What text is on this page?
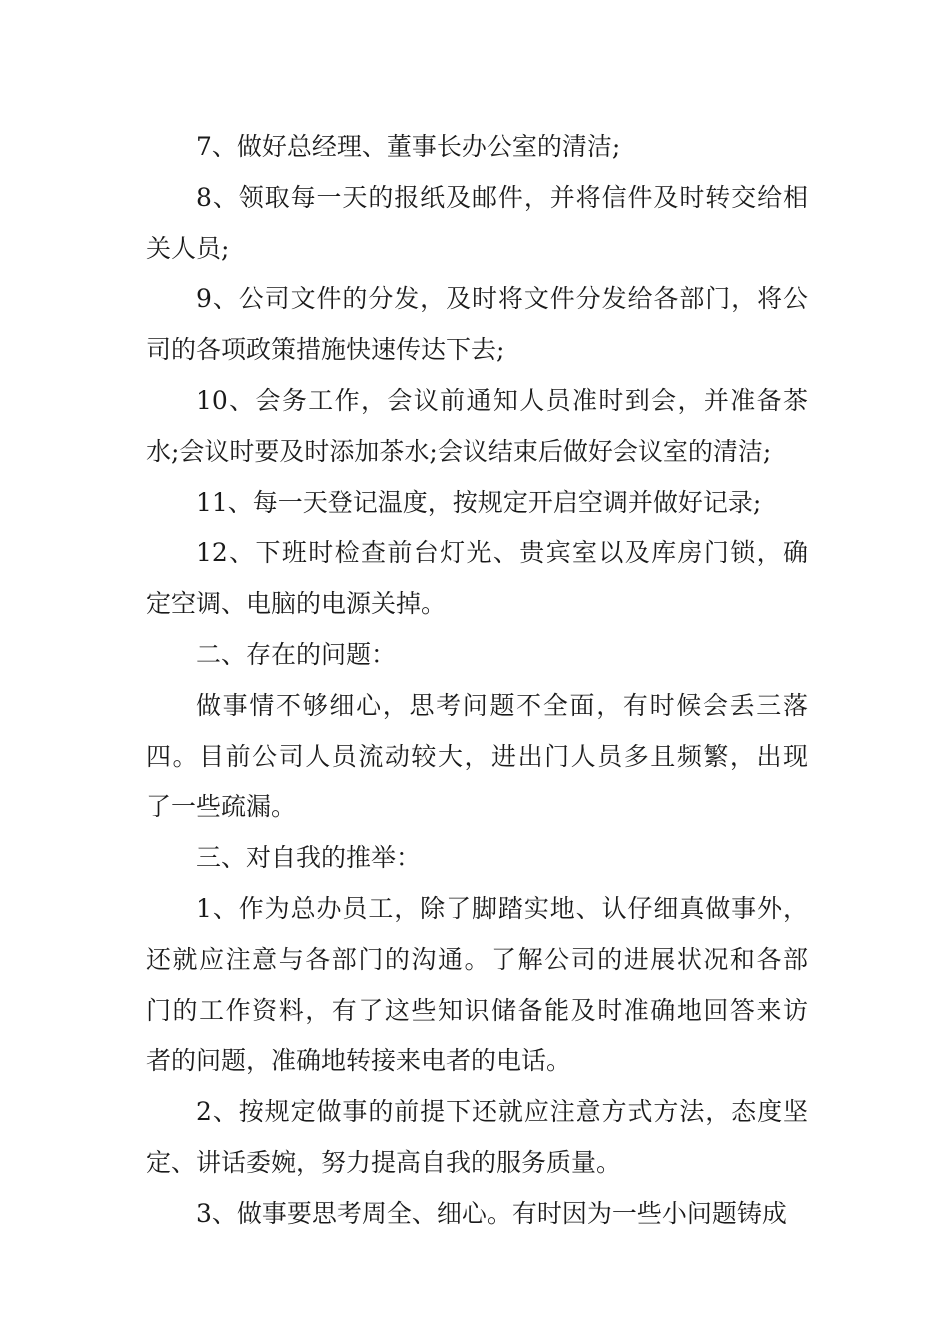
7、做好总经理、董事长办公室的清洁;
8、领取每一天的报纸及邮件，并将信件及时转交给相
关人员;
9、公司文件的分发，及时将文件分发给各部门，将公
司的各项政策措施快速传达下去;
10、会务工作，会议前通知人员准时到会，并准备茶
水;会议时要及时添加茶水;会议结束后做好会议室的清洁;
11、每一天登记温度，按规定开启空调并做好记录;
12、下班时检查前台灯光、贵宾室以及库房门锁，确
定空调、电脑的电源关掉。
二、存在的问题：
做事情不够细心，思考问题不全面，有时候会丢三落
四。目前公司人员流动较大，进出门人员多且频繁，出现
了一些疏漏。
三、对自我的推举：
1、作为总办员工，除了脚踏实地、认仔细真做事外，
还就应注意与各部门的沟通。了解公司的进展状况和各部
门的工作资料，有了这些知识储备能及时准确地回答来访
者的问题，准确地转接来电者的电话。
2、按规定做事的前提下还就应注意方式方法，态度坚
定、讲话委婉，努力提高自我的服务质量。
3、做事要思考周全、细心。有时因为一些小问题铸成
